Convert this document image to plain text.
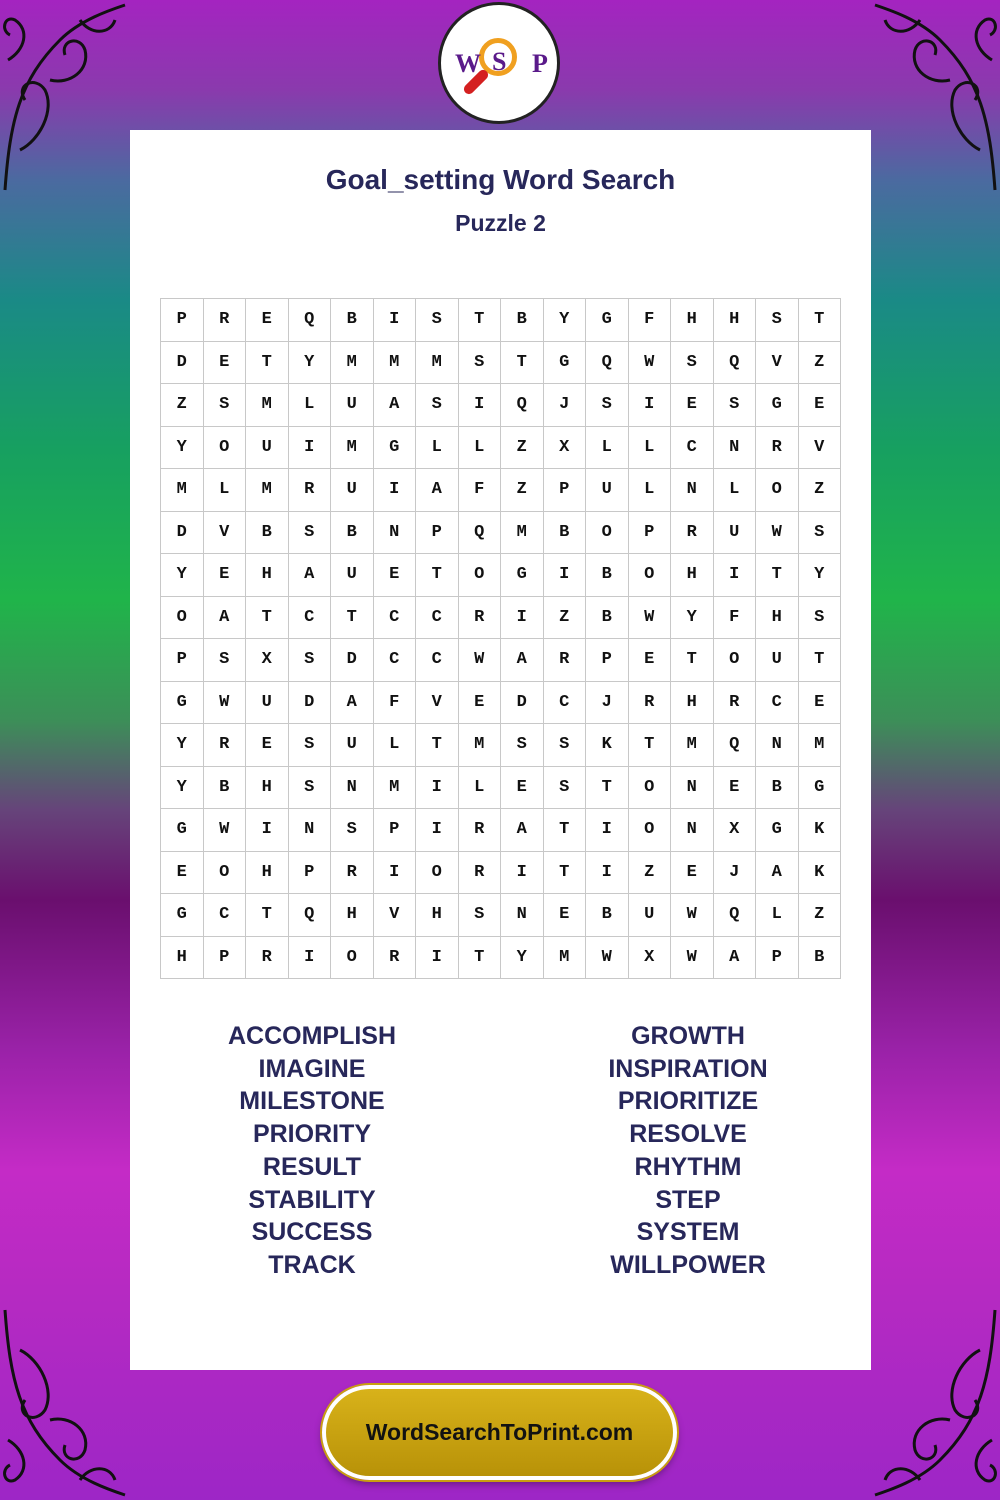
W S P
Goal_setting Word Search
Puzzle 2
P	R	E	Q	B	I	S	T	B	Y	G	F	H	H	S	T
D	E	T	Y	M	M	M	S	T	G	Q	W	S	Q	V	Z
Z	S	M	L	U	A	S	I	Q	J	S	I	E	S	G	E
Y	O	U	I	M	G	L	L	Z	X	L	L	C	N	R	V
M	L	M	R	U	I	A	F	Z	P	U	L	N	L	O	Z
D	V	B	S	B	N	P	Q	M	B	O	P	R	U	W	S
Y	E	H	A	U	E	T	O	G	I	B	O	H	I	T	Y
O	A	T	C	T	C	C	R	I	Z	B	W	Y	F	H	S
P	S	X	S	D	C	C	W	A	R	P	E	T	O	U	T
G	W	U	D	A	F	V	E	D	C	J	R	H	R	C	E
Y	R	E	S	U	L	T	M	S	S	K	T	M	Q	N	M
Y	B	H	S	N	M	I	L	E	S	T	O	N	E	B	G
G	W	I	N	S	P	I	R	A	T	I	O	N	X	G	K
E	O	H	P	R	I	O	R	I	T	I	Z	E	J	A	K
G	C	T	Q	H	V	H	S	N	E	B	U	W	Q	L	Z
H	P	R	I	O	R	I	T	Y	M	W	X	W	A	P	B
ACCOMPLISH
IMAGINE
MILESTONE
PRIORITY
RESULT
STABILITY
SUCCESS
TRACK
GROWTH
INSPIRATION
PRIORITIZE
RESOLVE
RHYTHM
STEP
SYSTEM
WILLPOWER
WordSearchToPrint.com
